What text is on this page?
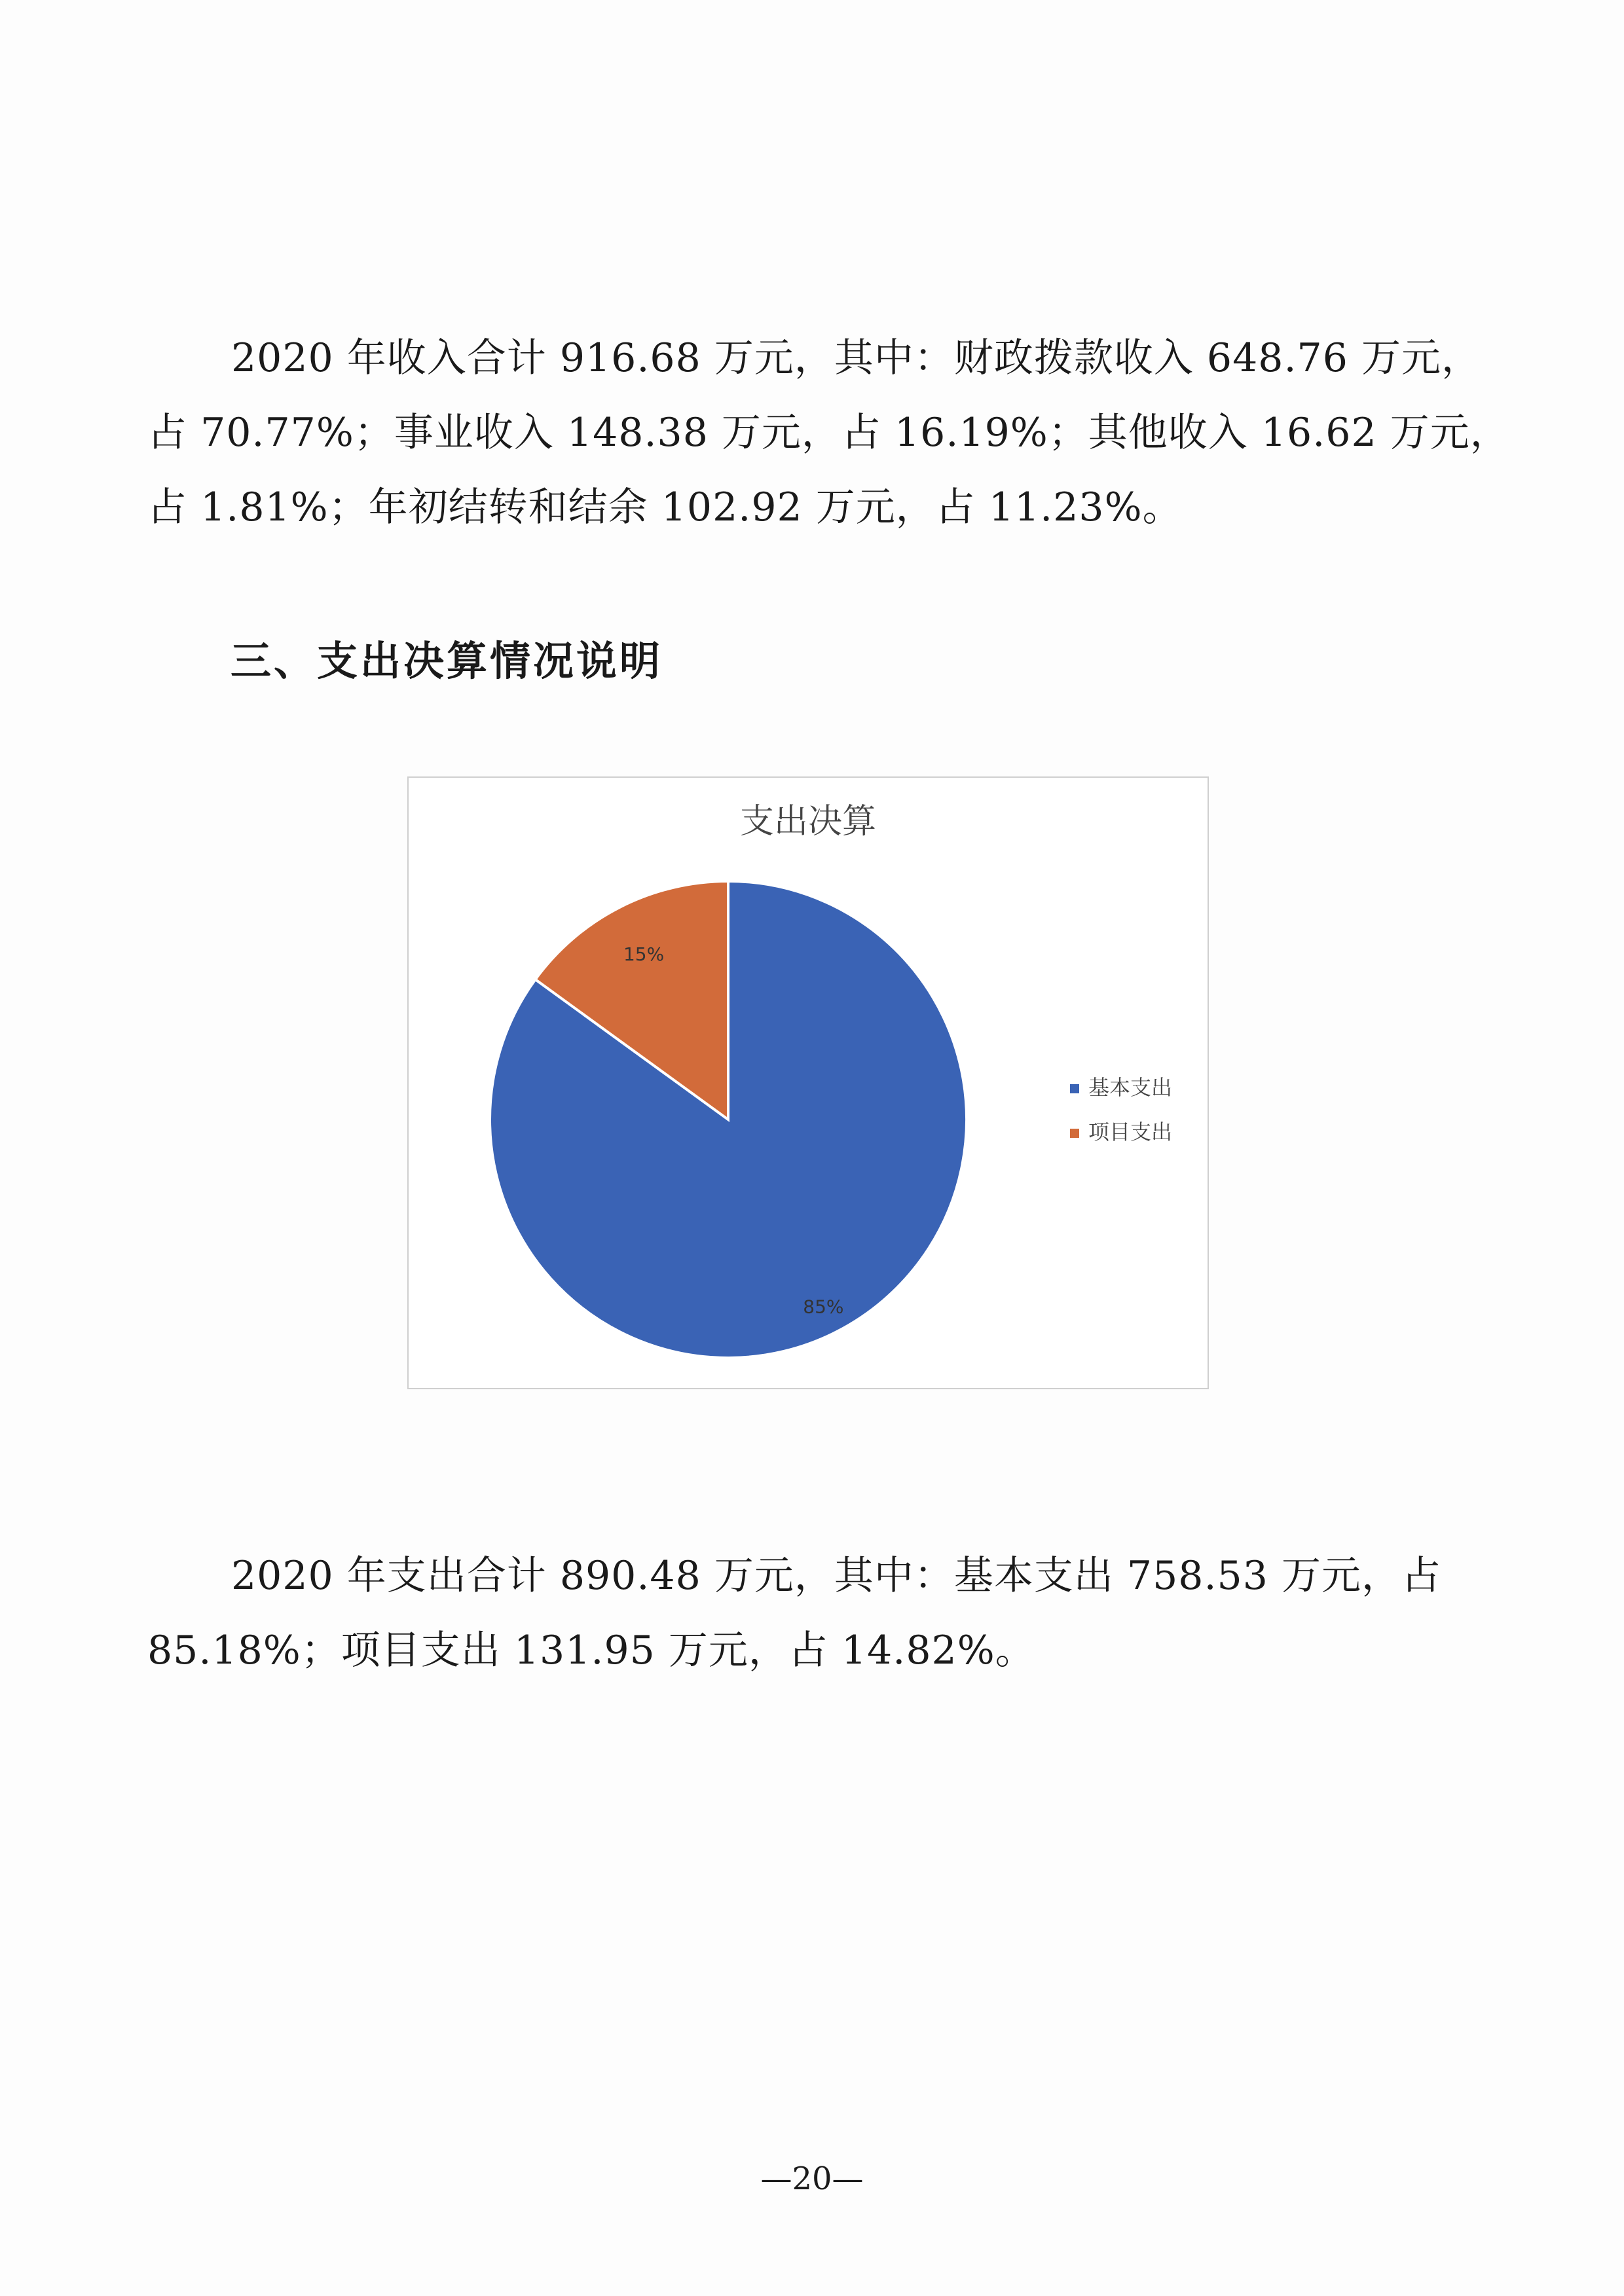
2020 年收入合计 916.68 万元，其中：财政拨款收入 648.76 万元，占 70.77%；事业收入 148.38 万元，占 16.19%；其他收入 16.62 万元，占 1.81%；年初结转和结余 102.92 万元，占 11.23%。

三、支出决算情况说明
支出决算
85%
15%
基本支出
项目支出

2020 年支出合计 890.48 万元，其中：基本支出 758.53 万元，占 85.18%；项目支出 131.95 万元，占 14.82%。

—20—
